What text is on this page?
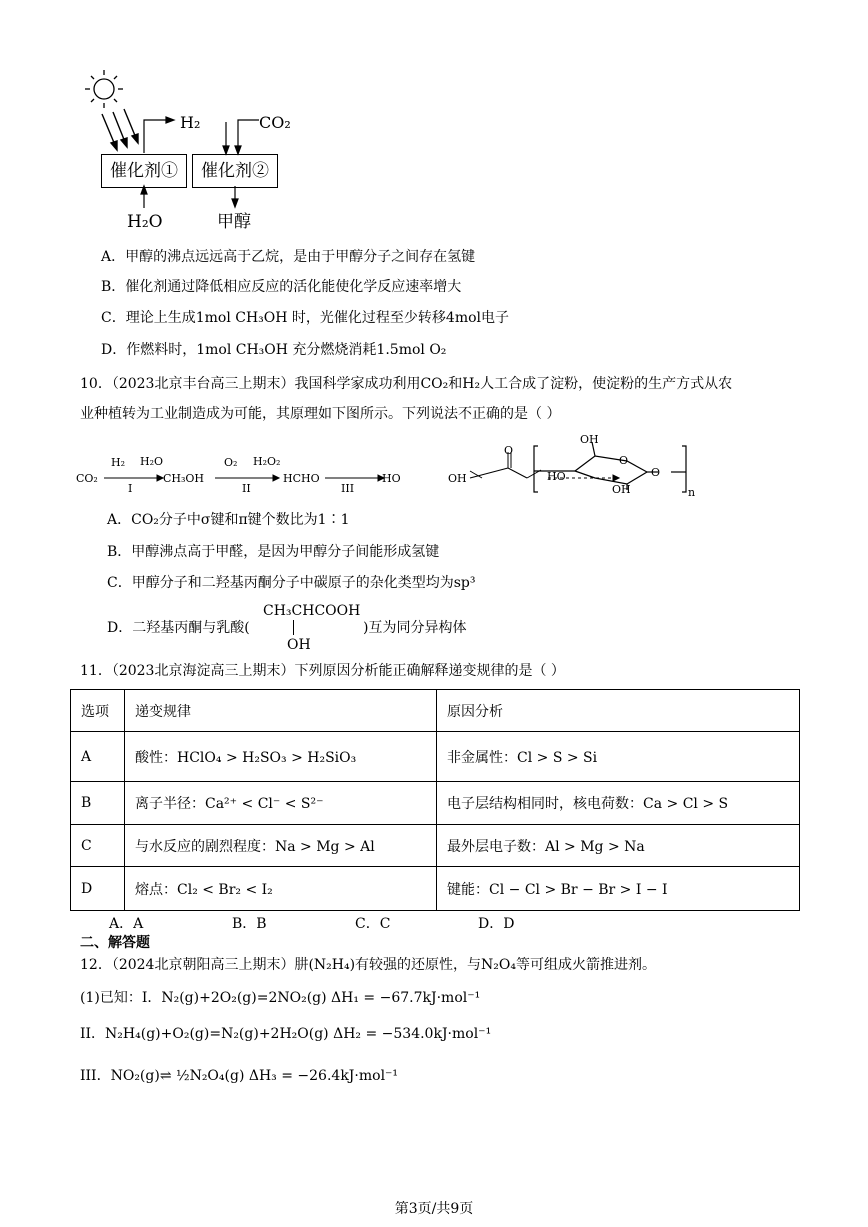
H₂	CO₂
催化剂①	催化剂②
H₂O	甲醇
A．甲醇的沸点远远高于乙烷，是由于甲醇分子之间存在氢键
B．催化剂通过降低相应反应的活化能使化学反应速率增大
C．理论上生成1mol CH₃OH 时，光催化过程至少转移4mol电子
D．作燃料时，1mol CH₃OH 充分燃烧消耗1.5mol O₂
10．（2023北京丰台高三上期末）我国科学家成功利用CO₂和H₂人工合成了淀粉，使淀粉的生产方式从农
业种植转为工业制造成为可能，其原理如下图所示。下列说法不正确的是（ ）
CO₂
H₂ H₂O
I
CH₃OH
O₂ H₂O₂
II
HCHO
III
HO
O
OH
OH
HO
OH
O
O
n
A．CO₂分子中σ键和π键个数比为1∶1
B．甲醇沸点高于甲醛，是因为甲醇分子间能形成氢键
C．甲醇分子和二羟基丙酮分子中碳原子的杂化类型均为sp³
D．二羟基丙酮与乳酸(
CH₃CHCOOH
OH
)互为同分异构体
11．（2023北京海淀高三上期末）下列原因分析能正确解释递变规律的是（ ）
选项	递变规律	原因分析
A	酸性：HClO₄ > H₂SO₃ > H₂SiO₃	非金属性：Cl > S > Si
B	离子半径：Ca²⁺ < Cl⁻ < S²⁻	电子层结构相同时，核电荷数：Ca > Cl > S
C	与水反应的剧烈程度：Na > Mg > Al	最外层电子数：Al > Mg > Na
D	熔点：Cl₂ < Br₂ < I₂	键能：Cl − Cl > Br − Br > I − I
A．A	B．B	C．C	D．D
二、解答题
12．（2024北京朝阳高三上期末）肼(N₂H₄)有较强的还原性，与N₂O₄等可组成火箭推进剂。
(1)已知：I．N₂(g)+2O₂(g)=2NO₂(g) ΔH₁ = −67.7kJ·mol⁻¹
II．N₂H₄(g)+O₂(g)=N₂(g)+2H₂O(g) ΔH₂ = −534.0kJ·mol⁻¹
III．NO₂(g)⇌ ½N₂O₄(g) ΔH₃ = −26.4kJ·mol⁻¹
第3页/共9页
